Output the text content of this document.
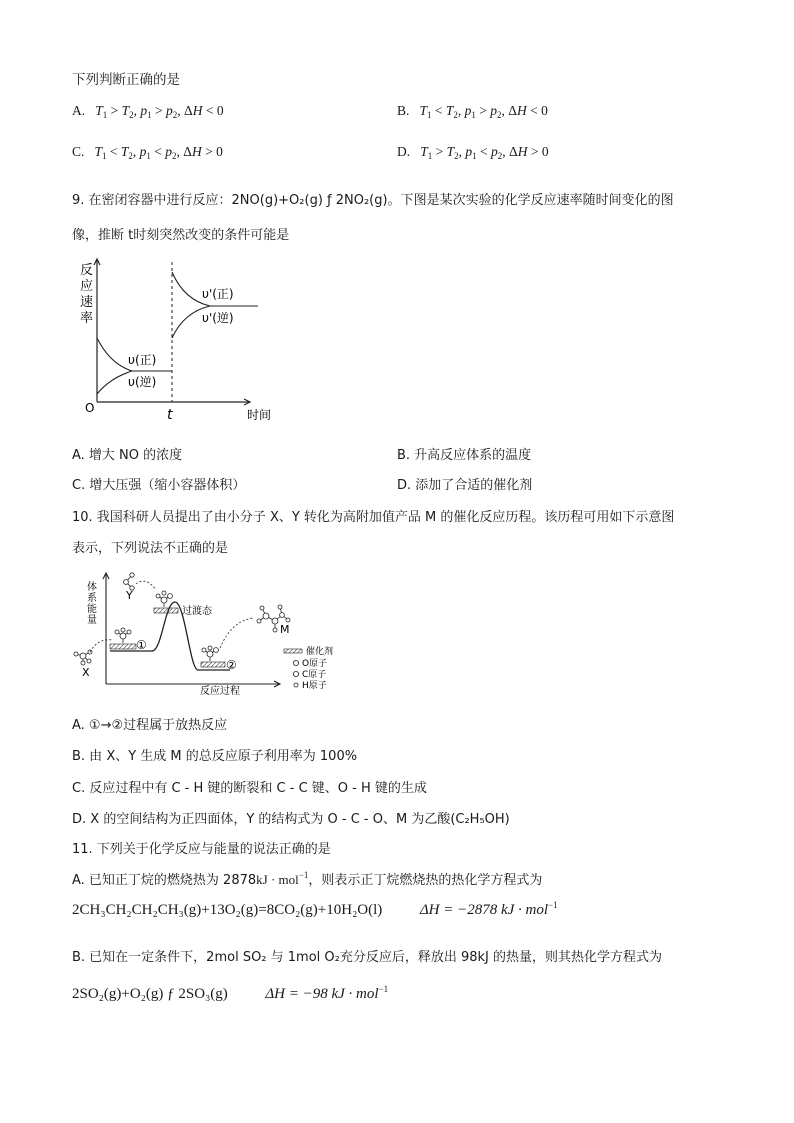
下列判断正确的是
A. $T_1 > T_2$, $p_1 > p_2$, ΔH < 0	B. $T_1 < T_2$, $p_1 > p_2$, ΔH < 0
C. $T_1 < T_2$, $p_1 < p_2$, ΔH > 0	D. $T_1 > T_2$, $p_1 < p_2$, ΔH > 0
9. 在密闭容器中进行反应：2NO(g)+O₂(g) ƒ 2NO₂(g)。下图是某次实验的化学反应速率随时间变化的图
像，推断 t时刻突然改变的条件可能是
反
应
速
率
O	t	时间
υ(正)
υ(逆)
υ'(正)
υ'(逆)
A. 增大 NO 的浓度	B. 升高反应体系的温度
C. 增大压强（缩小容器体积）	D. 添加了合适的催化剂
10. 我国科研人员提出了由小分子 X、Y 转化为高附加值产品 M 的催化反应历程。该历程可用如下示意图
表示，下列说法不正确的是
体
系
能
量
反应过程
①
过渡态
②
X
Y
M
催化剂
O原子
C原子
H原子
A. ①→②过程属于放热反应
B. 由 X、Y 生成 M 的总反应原子利用率为 100%
C. 反应过程中有 C - H 键的断裂和 C - C 键、O - H 键的生成
D. X 的空间结构为正四面体，Y 的结构式为 O - C - O、M 为乙酸(C₂H₅OH)
11. 下列关于化学反应与能量的说法正确的是
A. 已知正丁烷的燃烧热为 2878kJ · mol$^{-1}$，则表示正丁烷燃烧热的热化学方程式为
2CH₃CH₂CH₂CH₃(g)+13O₂(g)=8CO₂(g)+10H₂O(l)	ΔH = −2878 kJ · mol$^{-1}$
B. 已知在一定条件下，2mol SO₂ 与 1mol O₂充分反应后，释放出 98kJ 的热量，则其热化学方程式为
2SO₂(g)+O₂(g) ƒ 2SO₃(g)	ΔH = −98 kJ · mol$^{-1}$
